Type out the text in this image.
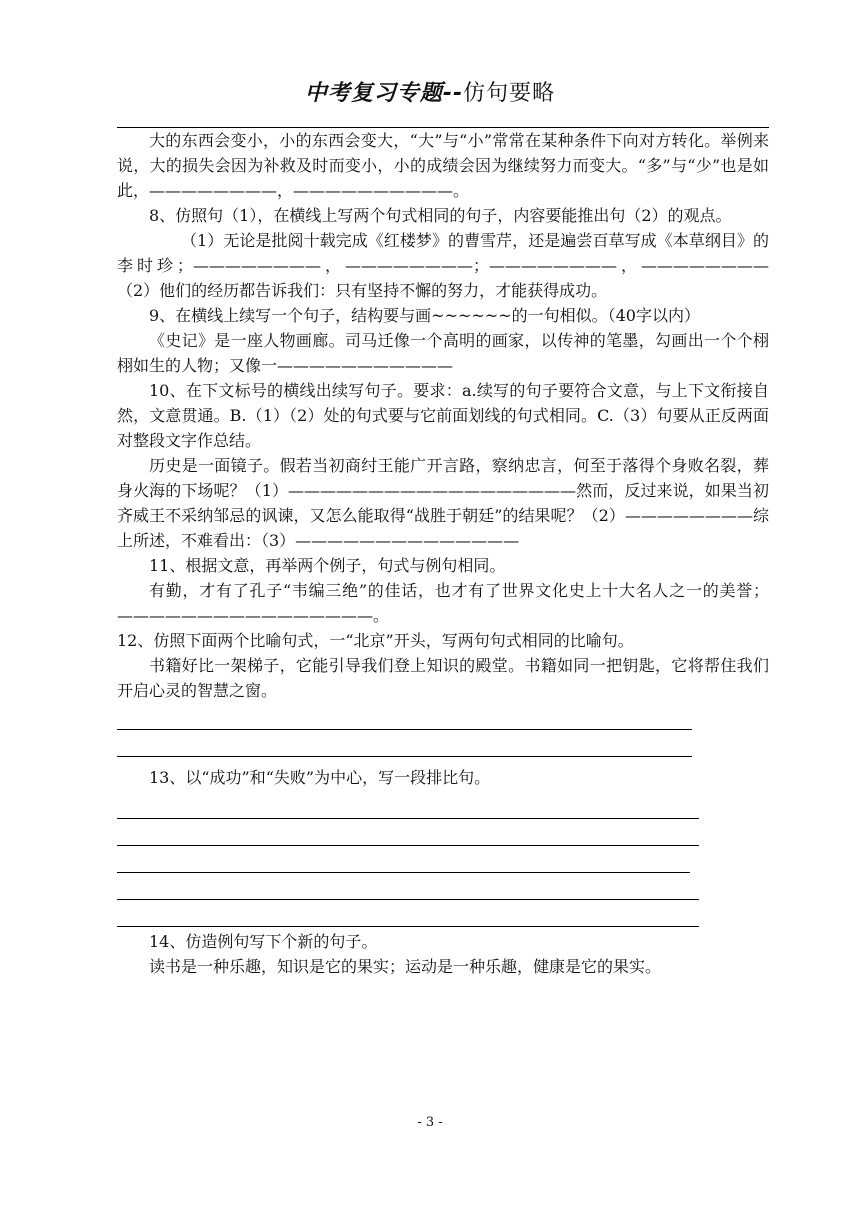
中考复习专题--仿句要略

大的东西会变小，小的东西会变大，“大”与“小”常常在某种条件下向对方转化。举例来说，大的损失会因为补救及时而变小，小的成绩会因为继续努力而变大。“多”与“少”也是如此，————————，——————————。

8、仿照句（1），在横线上写两个句式相同的句子，内容要能推出句（2）的观点。

（1）无论是批阅十载完成《红楼梦》的曹雪芹，还是遍尝百草写成《本草纲目》的李时珍；————————，————————；————————，————————　　（2）他们的经历都告诉我们：只有坚持不懈的努力，才能获得成功。

9、在横线上续写一个句子，结构要与画~~~~~~的一句相似。（40字以内）

《史记》是一座人物画廊。司马迁像一个高明的画家，以传神的笔墨，勾画出一个个栩栩如生的人物；又像一———————————

10、在下文标号的横线出续写句子。要求：a.续写的句子要符合文意，与上下文衔接自然，文意贯通。B.（1）（2）处的句式要与它前面划线的句式相同。C.（3）句要从正反两面对整段文字作总结。

历史是一面镜子。假若当初商纣王能广开言路，察纳忠言，何至于落得个身败名裂，葬身火海的下场呢？（1）——————————————————然而，反过来说，如果当初齐威王不采纳邹忌的讽谏，又怎么能取得“战胜于朝廷”的结果呢？（2）————————综上所述，不难看出：（3）——————————————

11、根据文意，再举两个例子，句式与例句相同。

有勤，才有了孔子“韦编三绝”的佳话，也才有了世界文化史上十大名人之一的美誉；————————————————。

12、仿照下面两个比喻句式，一“北京”开头，写两句句式相同的比喻句。

书籍好比一架梯子，它能引导我们登上知识的殿堂。书籍如同一把钥匙，它将帮住我们开启心灵的智慧之窗。

13、以“成功”和“失败”为中心，写一段排比句。

14、仿造例句写下个新的句子。

读书是一种乐趣，知识是它的果实；运动是一种乐趣，健康是它的果实。

- 3 -
